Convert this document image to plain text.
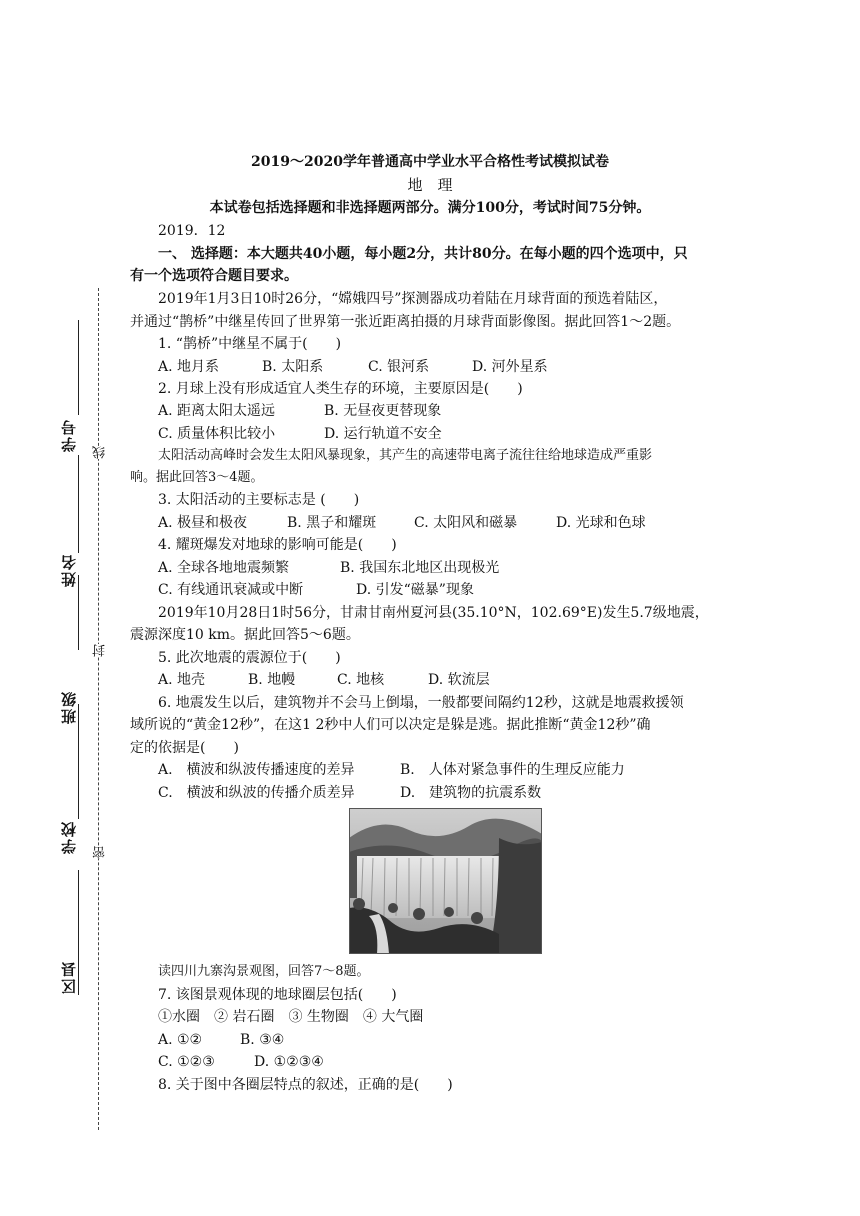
学号
姓名
班级
学校
区县
线
封
密
2019～2020学年普通高中学业水平合格性考试模拟试卷
地　理
本试卷包括选择题和非选择题两部分。满分100分，考试时间75分钟。
2019．12
一、 选择题：本大题共40小题，每小题2分，共计80分。在每小题的四个选项中，只
有一个选项符合题目要求。
2019年1月3日10时26分，“嫦娥四号”探测器成功着陆在月球背面的预选着陆区，
并通过“鹊桥”中继星传回了世界第一张近距离拍摄的月球背面影像图。据此回答1～2题。
1. “鹊桥”中继星不属于(　　)
A. 地月系	B. 太阳系	C. 银河系	D. 河外星系
2. 月球上没有形成适宜人类生存的环境，主要原因是(　　)
A. 距离太阳太遥远	B. 无昼夜更替现象
C. 质量体积比较小	D. 运行轨道不安全
太阳活动高峰时会发生太阳风暴现象，其产生的高速带电离子流往往给地球造成严重影
响。据此回答3～4题。
3. 太阳活动的主要标志是 (　　)
A. 极昼和极夜	B. 黑子和耀斑	C. 太阳风和磁暴	D. 光球和色球
4. 耀斑爆发对地球的影响可能是(　　)
A. 全球各地地震频繁	B. 我国东北地区出现极光
C. 有线通讯衰减或中断	D. 引发“磁暴”现象
2019年10月28日1时56分，甘肃甘南州夏河县(35.10°N，102.69°E)发生5.7级地震，
震源深度10 km。据此回答5～6题。
5. 此次地震的震源位于(　　)
A. 地壳	B. 地幔	C. 地核	D. 软流层
6. 地震发生以后，建筑物并不会马上倒塌，一般都要间隔约12秒，这就是地震救援领
域所说的“黄金12秒”，在这1 2秒中人们可以决定是躲是逃。据此推断“黄金12秒”确
定的依据是(　　)
A.　横波和纵波传播速度的差异	B.　人体对紧急事件的生理反应能力
C.　横波和纵波的传播介质差异	D.　建筑物的抗震系数
读四川九寨沟景观图，回答7～8题。
7. 该图景观体现的地球圈层包括(　　)
①水圈　② 岩石圈　③ 生物圈　④ 大气圈
A. ①②	B. ③④
C. ①②③	D. ①②③④
8. 关于图中各圈层特点的叙述，正确的是(　　)
